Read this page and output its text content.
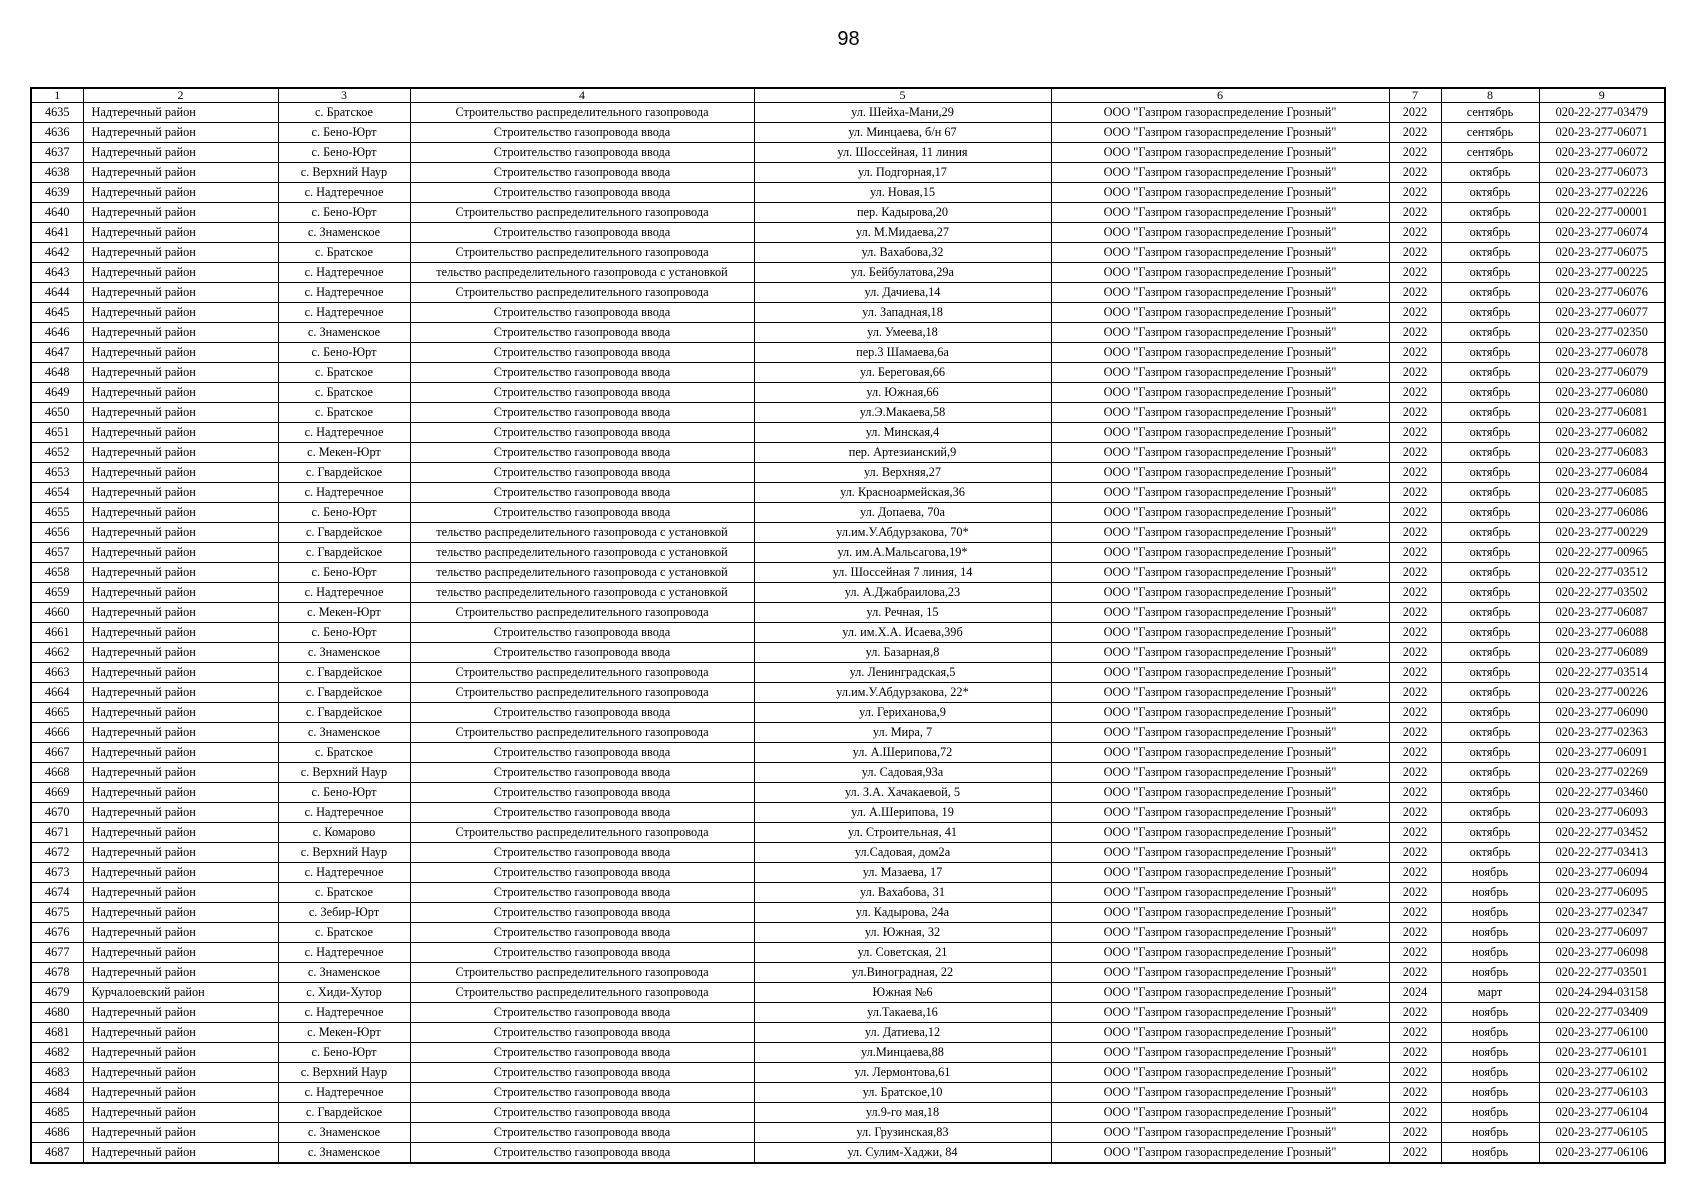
98
1	2	3	4	5	6	7	8	9
4635	Надтеречный район	с. Братское	Строительство распределительного газопровода	ул. Шейха-Мани,29	ООО "Газпром газораспределение Грозный"	2022	сентябрь	020-22-277-03479
4636	Надтеречный район	с. Бено-Юрт	Строительство газопровода ввода	ул. Минцаева, б/н 67	ООО "Газпром газораспределение Грозный"	2022	сентябрь	020-23-277-06071
4637	Надтеречный район	с. Бено-Юрт	Строительство газопровода ввода	ул. Шоссейная, 11 линия	ООО "Газпром газораспределение Грозный"	2022	сентябрь	020-23-277-06072
4638	Надтеречный район	с. Верхний Наур	Строительство газопровода ввода	ул. Подгорная,17	ООО "Газпром газораспределение Грозный"	2022	октябрь	020-23-277-06073
4639	Надтеречный район	с. Надтеречное	Строительство газопровода ввода	ул. Новая,15	ООО "Газпром газораспределение Грозный"	2022	октябрь	020-23-277-02226
4640	Надтеречный район	с. Бено-Юрт	Строительство распределительного газопровода	пер. Кадырова,20	ООО "Газпром газораспределение Грозный"	2022	октябрь	020-22-277-00001
4641	Надтеречный район	с. Знаменское	Строительство газопровода ввода	ул. М.Мидаева,27	ООО "Газпром газораспределение Грозный"	2022	октябрь	020-23-277-06074
4642	Надтеречный район	с. Братское	Строительство распределительного газопровода	ул. Вахабова,32	ООО "Газпром газораспределение Грозный"	2022	октябрь	020-23-277-06075
4643	Надтеречный район	с. Надтеречное	тельство распределительного газопровода с установкой	ул. Бейбулатова,29а	ООО "Газпром газораспределение Грозный"	2022	октябрь	020-23-277-00225
4644	Надтеречный район	с. Надтеречное	Строительство распределительного газопровода	ул. Дачиева,14	ООО "Газпром газораспределение Грозный"	2022	октябрь	020-23-277-06076
4645	Надтеречный район	с. Надтеречное	Строительство газопровода ввода	ул. Западная,18	ООО "Газпром газораспределение Грозный"	2022	октябрь	020-23-277-06077
4646	Надтеречный район	с. Знаменское	Строительство газопровода ввода	ул. Умеева,18	ООО "Газпром газораспределение Грозный"	2022	октябрь	020-23-277-02350
4647	Надтеречный район	с. Бено-Юрт	Строительство газопровода ввода	пер.3 Шамаева,6а	ООО "Газпром газораспределение Грозный"	2022	октябрь	020-23-277-06078
4648	Надтеречный район	с. Братское	Строительство газопровода ввода	ул. Береговая,66	ООО "Газпром газораспределение Грозный"	2022	октябрь	020-23-277-06079
4649	Надтеречный район	с. Братское	Строительство газопровода ввода	ул. Южная,66	ООО "Газпром газораспределение Грозный"	2022	октябрь	020-23-277-06080
4650	Надтеречный район	с. Братское	Строительство газопровода ввода	ул.Э.Макаева,58	ООО "Газпром газораспределение Грозный"	2022	октябрь	020-23-277-06081
4651	Надтеречный район	с. Надтеречное	Строительство газопровода ввода	ул. Минская,4	ООО "Газпром газораспределение Грозный"	2022	октябрь	020-23-277-06082
4652	Надтеречный район	с. Мекен-Юрт	Строительство газопровода ввода	пер. Артезианский,9	ООО "Газпром газораспределение Грозный"	2022	октябрь	020-23-277-06083
4653	Надтеречный район	с. Гвардейское	Строительство газопровода ввода	ул. Верхняя,27	ООО "Газпром газораспределение Грозный"	2022	октябрь	020-23-277-06084
4654	Надтеречный район	с. Надтеречное	Строительство газопровода ввода	ул. Красноармейская,36	ООО "Газпром газораспределение Грозный"	2022	октябрь	020-23-277-06085
4655	Надтеречный район	с. Бено-Юрт	Строительство газопровода ввода	ул. Допаева, 70а	ООО "Газпром газораспределение Грозный"	2022	октябрь	020-23-277-06086
4656	Надтеречный район	с. Гвардейское	тельство распределительного газопровода с установкой	ул.им.У.Абдурзакова, 70*	ООО "Газпром газораспределение Грозный"	2022	октябрь	020-23-277-00229
4657	Надтеречный район	с. Гвардейское	тельство распределительного газопровода с установкой	ул. им.А.Мальсагова,19*	ООО "Газпром газораспределение Грозный"	2022	октябрь	020-22-277-00965
4658	Надтеречный район	с. Бено-Юрт	тельство распределительного газопровода с установкой	ул. Шоссейная 7 линия, 14	ООО "Газпром газораспределение Грозный"	2022	октябрь	020-22-277-03512
4659	Надтеречный район	с. Надтеречное	тельство распределительного газопровода с установкой	ул. А.Джабраилова,23	ООО "Газпром газораспределение Грозный"	2022	октябрь	020-22-277-03502
4660	Надтеречный район	с. Мекен-Юрт	Строительство распределительного газопровода	ул. Речная, 15	ООО "Газпром газораспределение Грозный"	2022	октябрь	020-23-277-06087
4661	Надтеречный район	с. Бено-Юрт	Строительство газопровода ввода	ул. им.Х.А. Исаева,39б	ООО "Газпром газораспределение Грозный"	2022	октябрь	020-23-277-06088
4662	Надтеречный район	с. Знаменское	Строительство газопровода ввода	ул. Базарная,8	ООО "Газпром газораспределение Грозный"	2022	октябрь	020-23-277-06089
4663	Надтеречный район	с. Гвардейское	Строительство распределительного газопровода	ул. Ленинградская,5	ООО "Газпром газораспределение Грозный"	2022	октябрь	020-22-277-03514
4664	Надтеречный район	с. Гвардейское	Строительство распределительного газопровода	ул.им.У.Абдурзакова, 22*	ООО "Газпром газораспределение Грозный"	2022	октябрь	020-23-277-00226
4665	Надтеречный район	с. Гвардейское	Строительство газопровода ввода	ул. Гериханова,9	ООО "Газпром газораспределение Грозный"	2022	октябрь	020-23-277-06090
4666	Надтеречный район	с. Знаменское	Строительство распределительного газопровода	ул. Мира, 7	ООО "Газпром газораспределение Грозный"	2022	октябрь	020-23-277-02363
4667	Надтеречный район	с. Братское	Строительство газопровода ввода	ул. А.Шерипова,72	ООО "Газпром газораспределение Грозный"	2022	октябрь	020-23-277-06091
4668	Надтеречный район	с. Верхний Наур	Строительство газопровода ввода	ул. Садовая,93а	ООО "Газпром газораспределение Грозный"	2022	октябрь	020-23-277-02269
4669	Надтеречный район	с. Бено-Юрт	Строительство газопровода ввода	ул. З.А. Хачакаевой, 5	ООО "Газпром газораспределение Грозный"	2022	октябрь	020-22-277-03460
4670	Надтеречный район	с. Надтеречное	Строительство газопровода ввода	ул. А.Шерипова, 19	ООО "Газпром газораспределение Грозный"	2022	октябрь	020-23-277-06093
4671	Надтеречный район	с. Комарово	Строительство распределительного газопровода	ул. Строительная, 41	ООО "Газпром газораспределение Грозный"	2022	октябрь	020-22-277-03452
4672	Надтеречный район	с. Верхний Наур	Строительство газопровода ввода	ул.Садовая, дом2а	ООО "Газпром газораспределение Грозный"	2022	октябрь	020-22-277-03413
4673	Надтеречный район	с. Надтеречное	Строительство газопровода ввода	ул. Мазаева, 17	ООО "Газпром газораспределение Грозный"	2022	ноябрь	020-23-277-06094
4674	Надтеречный район	с. Братское	Строительство газопровода ввода	ул. Вахабова, 31	ООО "Газпром газораспределение Грозный"	2022	ноябрь	020-23-277-06095
4675	Надтеречный район	с. Зебир-Юрт	Строительство газопровода ввода	ул. Кадырова, 24а	ООО "Газпром газораспределение Грозный"	2022	ноябрь	020-23-277-02347
4676	Надтеречный район	с. Братское	Строительство газопровода ввода	ул. Южная, 32	ООО "Газпром газораспределение Грозный"	2022	ноябрь	020-23-277-06097
4677	Надтеречный район	с. Надтеречное	Строительство газопровода ввода	ул. Советская, 21	ООО "Газпром газораспределение Грозный"	2022	ноябрь	020-23-277-06098
4678	Надтеречный район	с. Знаменское	Строительство распределительного газопровода	ул.Виноградная, 22	ООО "Газпром газораспределение Грозный"	2022	ноябрь	020-22-277-03501
4679	Курчалоевский район	с. Хиди-Хутор	Строительство распределительного газопровода	Южная №6	ООО "Газпром газораспределение Грозный"	2024	март	020-24-294-03158
4680	Надтеречный район	с. Надтеречное	Строительство газопровода ввода	ул.Такаева,16	ООО "Газпром газораспределение Грозный"	2022	ноябрь	020-22-277-03409
4681	Надтеречный район	с. Мекен-Юрт	Строительство газопровода ввода	ул. Датиева,12	ООО "Газпром газораспределение Грозный"	2022	ноябрь	020-23-277-06100
4682	Надтеречный район	с. Бено-Юрт	Строительство газопровода ввода	ул.Минцаева,88	ООО "Газпром газораспределение Грозный"	2022	ноябрь	020-23-277-06101
4683	Надтеречный район	с. Верхний Наур	Строительство газопровода ввода	ул. Лермонтова,61	ООО "Газпром газораспределение Грозный"	2022	ноябрь	020-23-277-06102
4684	Надтеречный район	с. Надтеречное	Строительство газопровода ввода	ул. Братское,10	ООО "Газпром газораспределение Грозный"	2022	ноябрь	020-23-277-06103
4685	Надтеречный район	с. Гвардейское	Строительство газопровода ввода	ул.9-го мая,18	ООО "Газпром газораспределение Грозный"	2022	ноябрь	020-23-277-06104
4686	Надтеречный район	с. Знаменское	Строительство газопровода ввода	ул. Грузинская,83	ООО "Газпром газораспределение Грозный"	2022	ноябрь	020-23-277-06105
4687	Надтеречный район	с. Знаменское	Строительство газопровода ввода	ул. Сулим-Хаджи, 84	ООО "Газпром газораспределение Грозный"	2022	ноябрь	020-23-277-06106
